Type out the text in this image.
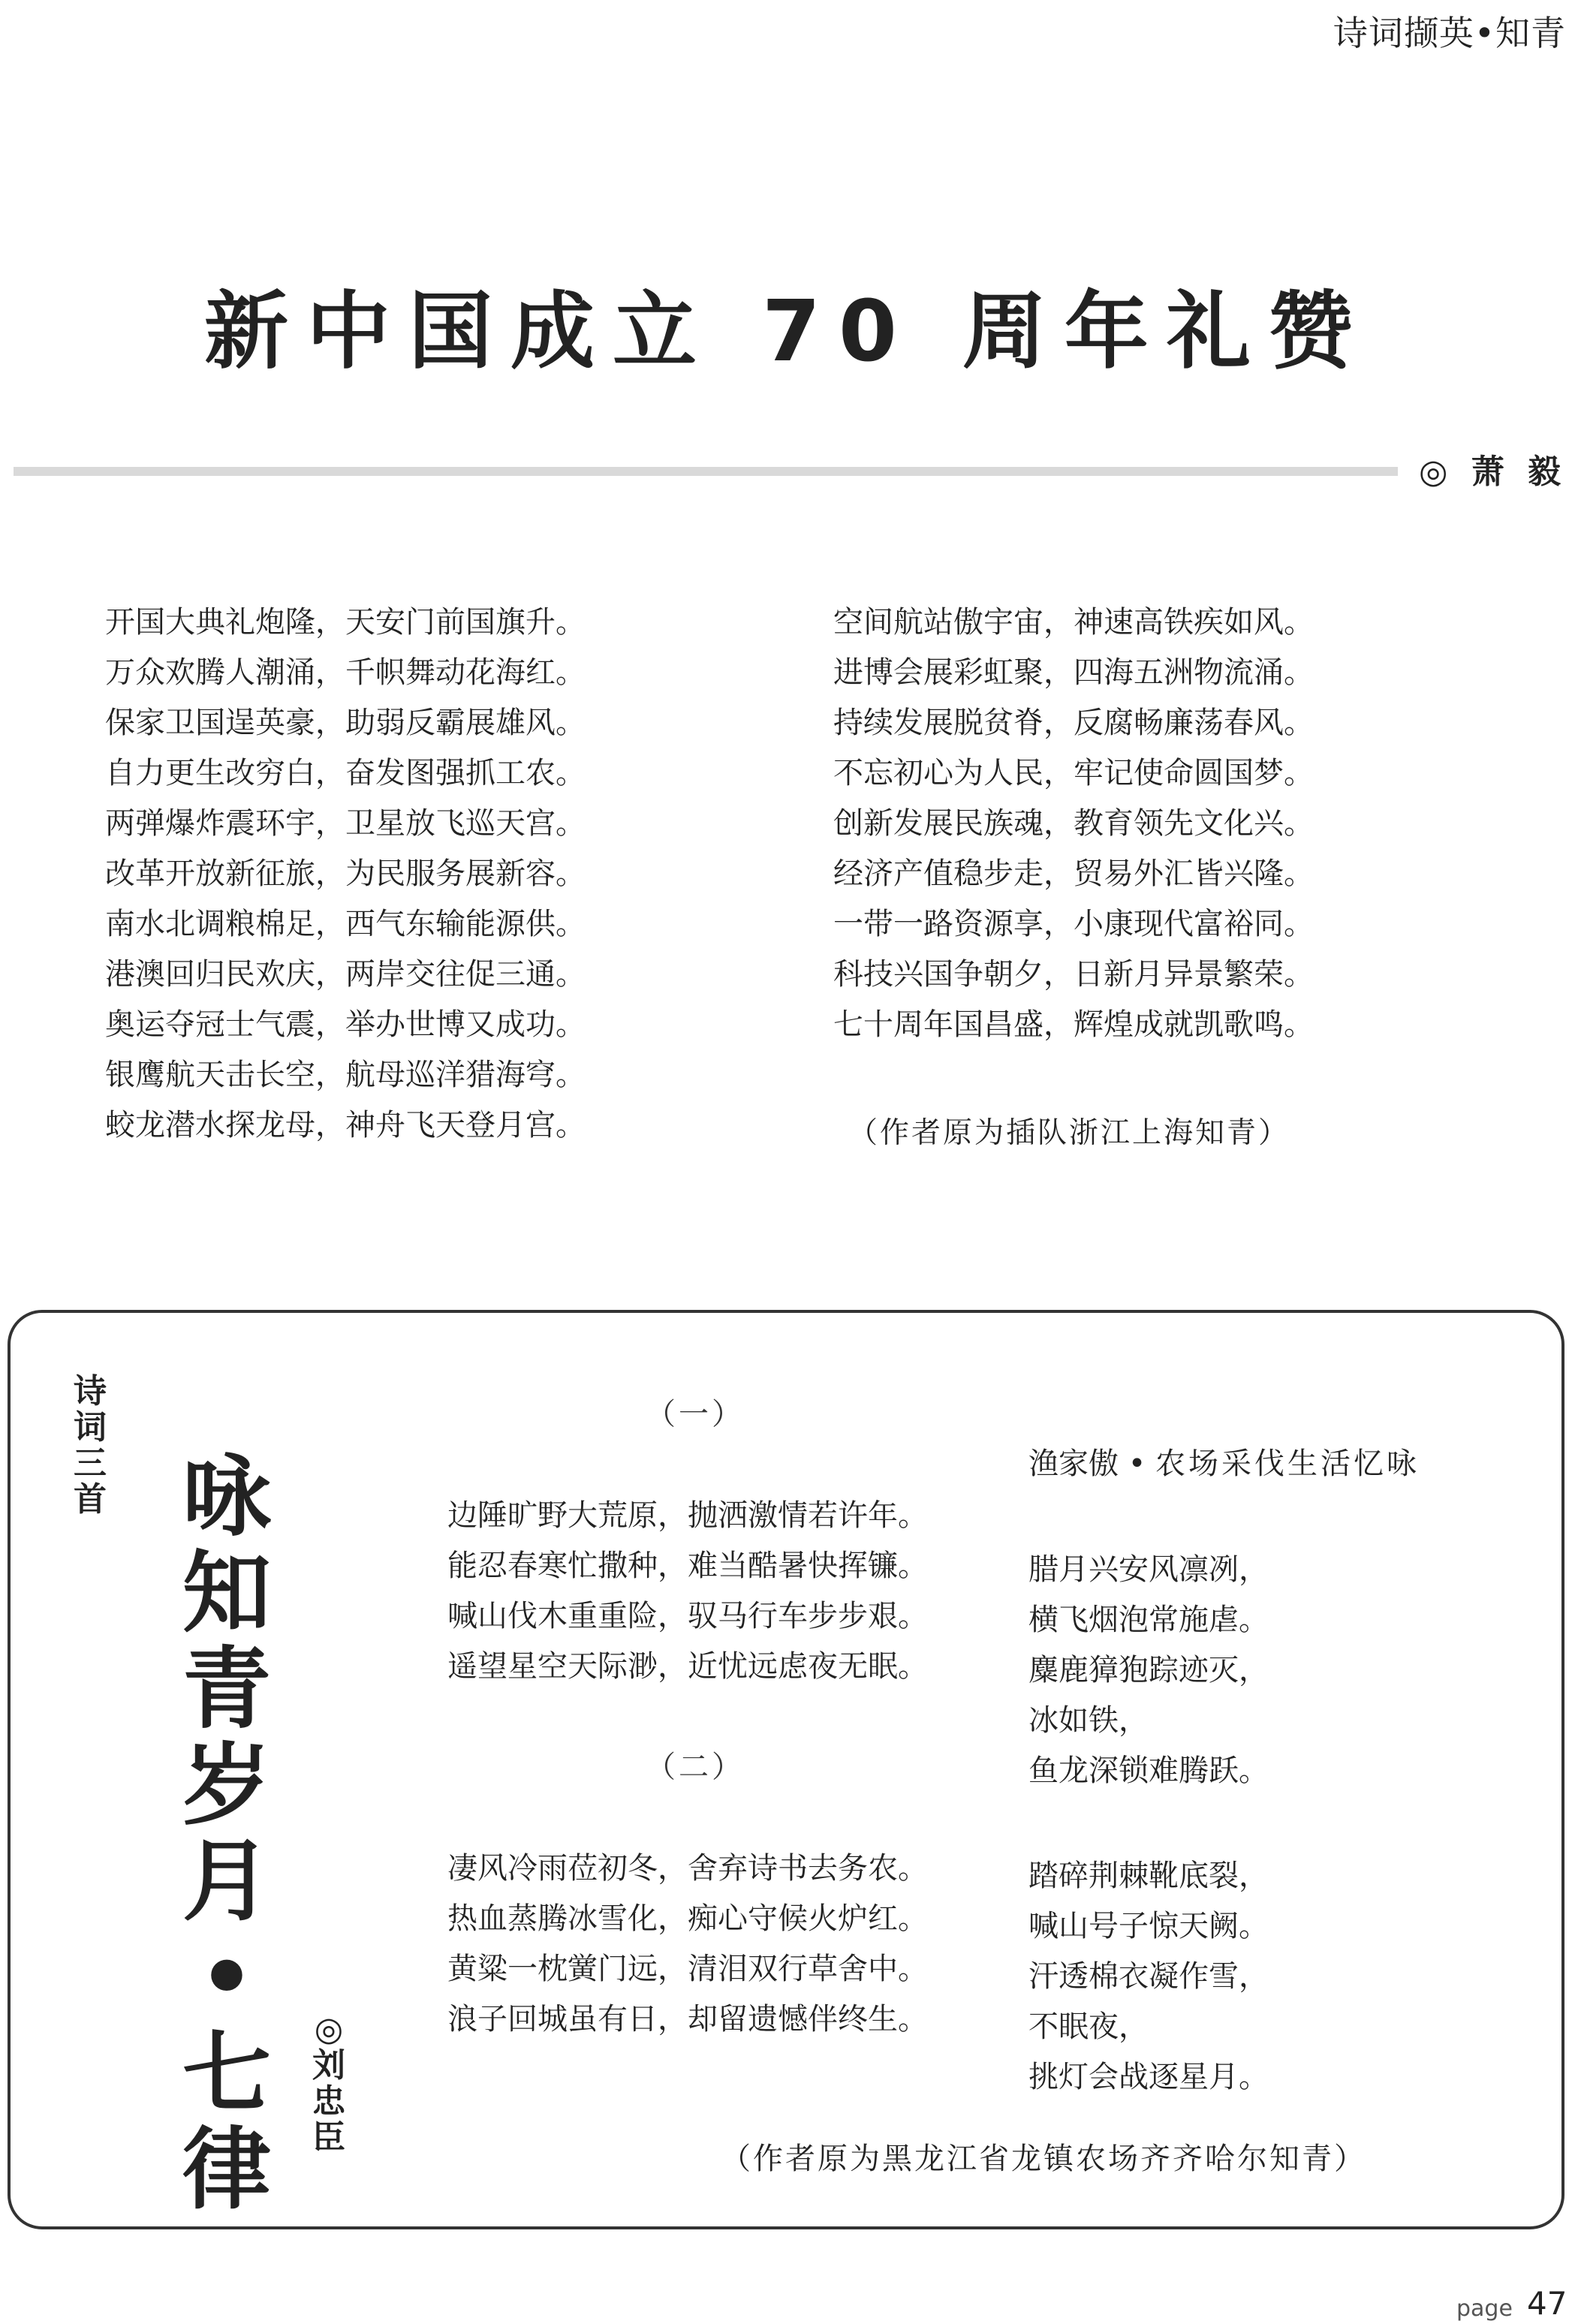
诗词撷英•知青
新中国成立 70 周年礼赞
◎ 萧 毅
开国大典礼炮隆，天安门前国旗升。
万众欢腾人潮涌，千帜舞动花海红。
保家卫国逞英豪，助弱反霸展雄风。
自力更生改穷白，奋发图强抓工农。
两弹爆炸震环宇，卫星放飞巡天宫。
改革开放新征旅，为民服务展新容。
南水北调粮棉足，西气东输能源供。
港澳回归民欢庆，两岸交往促三通。
奥运夺冠士气震，举办世博又成功。
银鹰航天击长空，航母巡洋猎海穹。
蛟龙潜水探龙母，神舟飞天登月宫。
空间航站傲宇宙，神速高铁疾如风。
进博会展彩虹聚，四海五洲物流涌。
持续发展脱贫脊，反腐畅廉荡春风。
不忘初心为人民，牢记使命圆国梦。
创新发展民族魂，教育领先文化兴。
经济产值稳步走，贸易外汇皆兴隆。
一带一路资源享，小康现代富裕同。
科技兴国争朝夕，日新月异景繁荣。
七十周年国昌盛，辉煌成就凯歌鸣。
（作者原为插队浙江上海知青）
诗词三首 咏知青岁月•七律
◎刘忠臣
（一）
边陲旷野大荒原，抛洒激情若许年。
能忍春寒忙撒种，难当酷暑快挥镰。
喊山伐木重重险，驭马行车步步艰。
遥望星空天际渺，近忧远虑夜无眠。
（二）
凄风冷雨莅初冬，舍弃诗书去务农。
热血蒸腾冰雪化，痴心守候火炉红。
黄粱一枕黉门远，清泪双行草舍中。
浪子回城虽有日，却留遗憾伴终生。
渔家傲 • 农场采伐生活忆咏
腊月兴安风凛冽，
横飞烟泡常施虐。
麋鹿獐狍踪迹灭，
冰如铁，
鱼龙深锁难腾跃。
踏碎荆棘靴底裂，
喊山号子惊天阙。
汗透棉衣凝作雪，
不眠夜，
挑灯会战逐星月。
（作者原为黑龙江省龙镇农场齐齐哈尔知青）
page 47
